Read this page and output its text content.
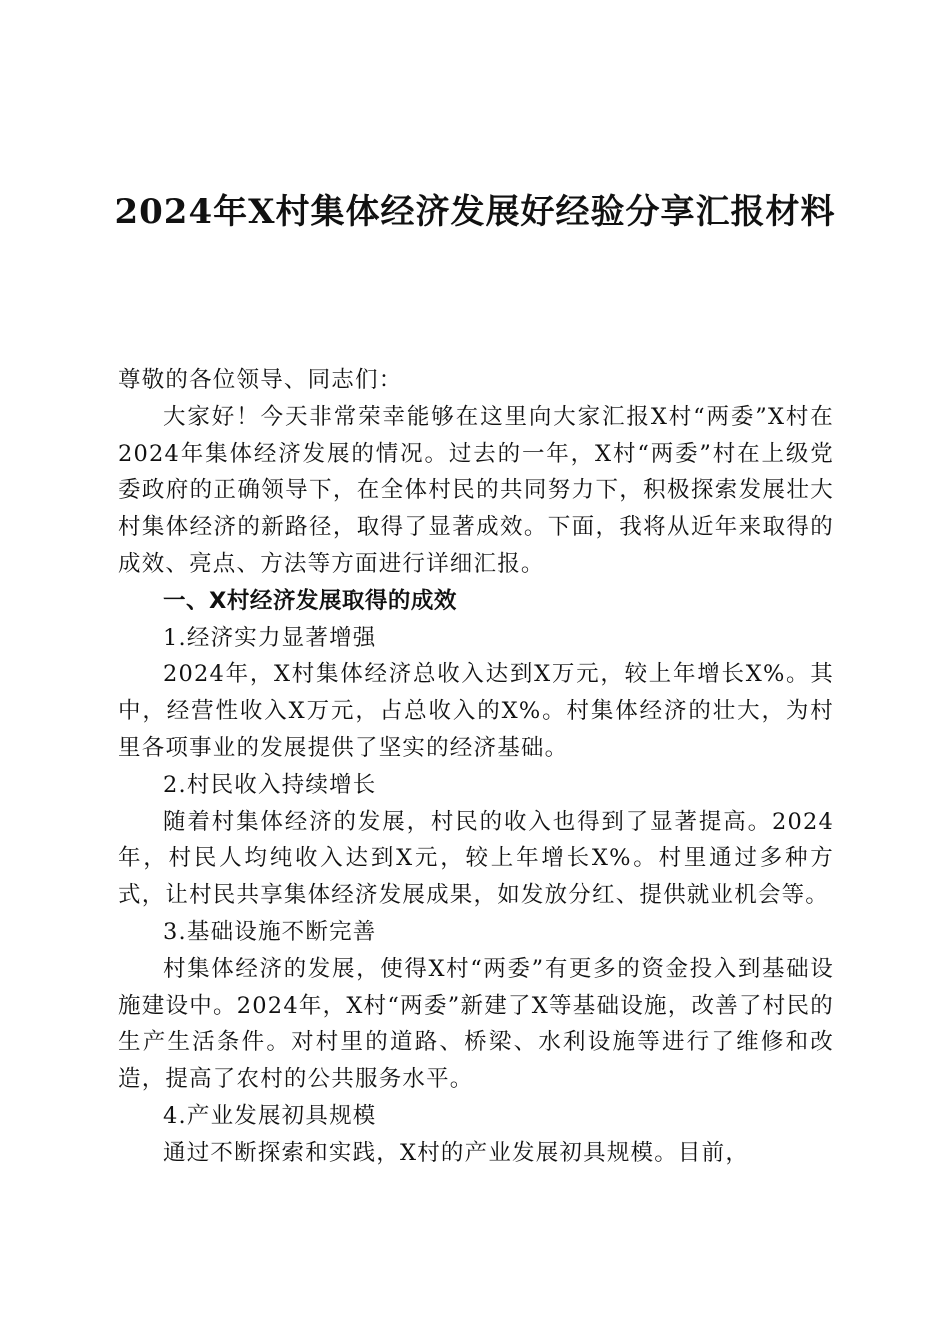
2024年X村集体经济发展好经验分享汇报材料

尊敬的各位领导、同志们：

大家好！今天非常荣幸能够在这里向大家汇报X村“两委”X村在2024年集体经济发展的情况。过去的一年，X村“两委”村在上级党委政府的正确领导下，在全体村民的共同努力下，积极探索发展壮大村集体经济的新路径，取得了显著成效。下面，我将从近年来取得的成效、亮点、方法等方面进行详细汇报。

一、X村经济发展取得的成效

1.经济实力显著增强

2024年，X村集体经济总收入达到X万元，较上年增长X%。其中，经营性收入X万元，占总收入的X%。村集体经济的壮大，为村里各项事业的发展提供了坚实的经济基础。

2.村民收入持续增长

随着村集体经济的发展，村民的收入也得到了显著提高。2024年，村民人均纯收入达到X元，较上年增长X%。村里通过多种方式，让村民共享集体经济发展成果，如发放分红、提供就业机会等。

3.基础设施不断完善

村集体经济的发展，使得X村“两委”有更多的资金投入到基础设施建设中。2024年，X村“两委”新建了X等基础设施，改善了村民的生产生活条件。对村里的道路、桥梁、水利设施等进行了维修和改造，提高了农村的公共服务水平。

4.产业发展初具规模

通过不断探索和实践，X村的产业发展初具规模。目前，
